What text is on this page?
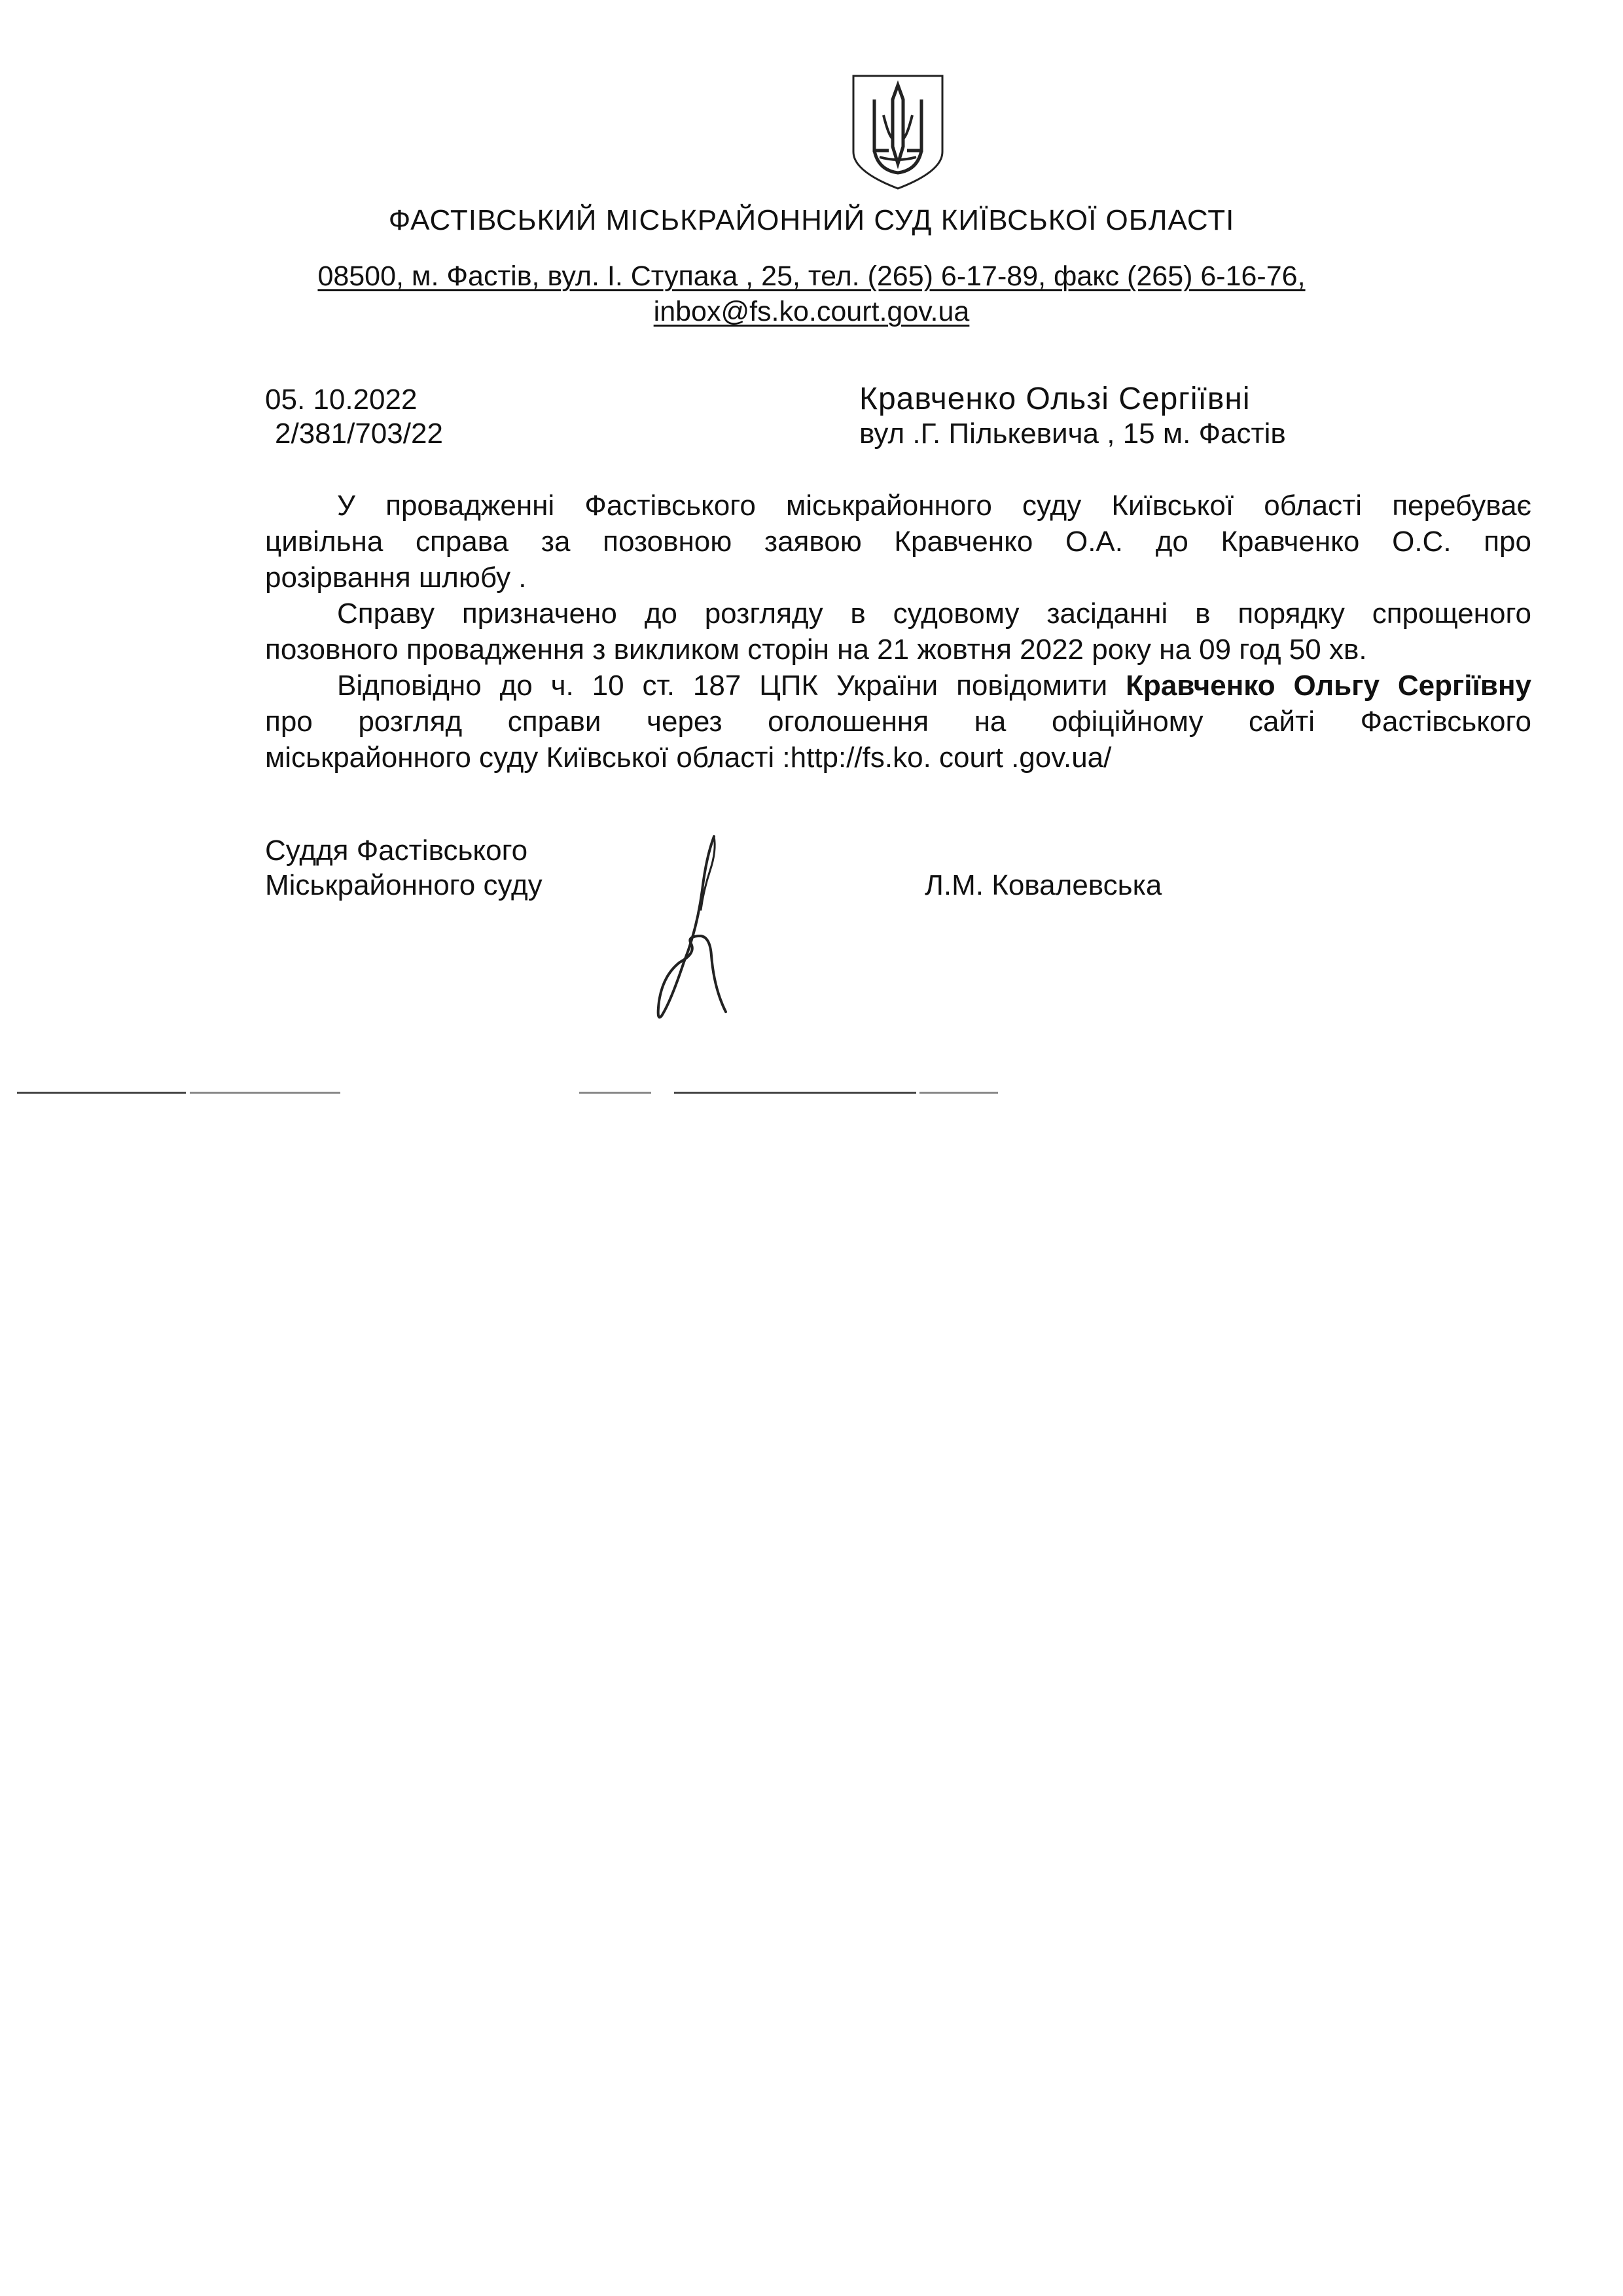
ФАСТІВСЬКИЙ МІСЬКРАЙОННИЙ СУД КИЇВСЬКОЇ ОБЛАСТІ
08500, м. Фастів, вул. І. Ступака , 25, тел. (265) 6-17-89, факс (265) 6-16-76,
inbox@fs.ko.court.gov.ua
05. 10.2022
2/381/703/22
Кравченко Ользі Сергіївні
вул .Г. Пількевича , 15 м. Фастів
У провадженні Фастівського міськрайонного суду Київської області перебуває
цивільна справа за позовною заявою Кравченко О.А. до Кравченко О.С. про
розірвання шлюбу .
Справу призначено до розгляду в судовому засіданні в порядку спрощеного
позовного провадження з викликом сторін на 21 жовтня 2022 року на 09 год 50 хв.
Відповідно до ч. 10 ст. 187 ЦПК України повідомити Кравченко Ольгу Сергіївну
про розгляд справи через оголошення на офіційному сайті Фастівського
міськрайонного суду Київської області :http://fs.ko. court .gov.ua/
Суддя Фастівського
Міськрайонного суду	Л.М. Ковалевська
